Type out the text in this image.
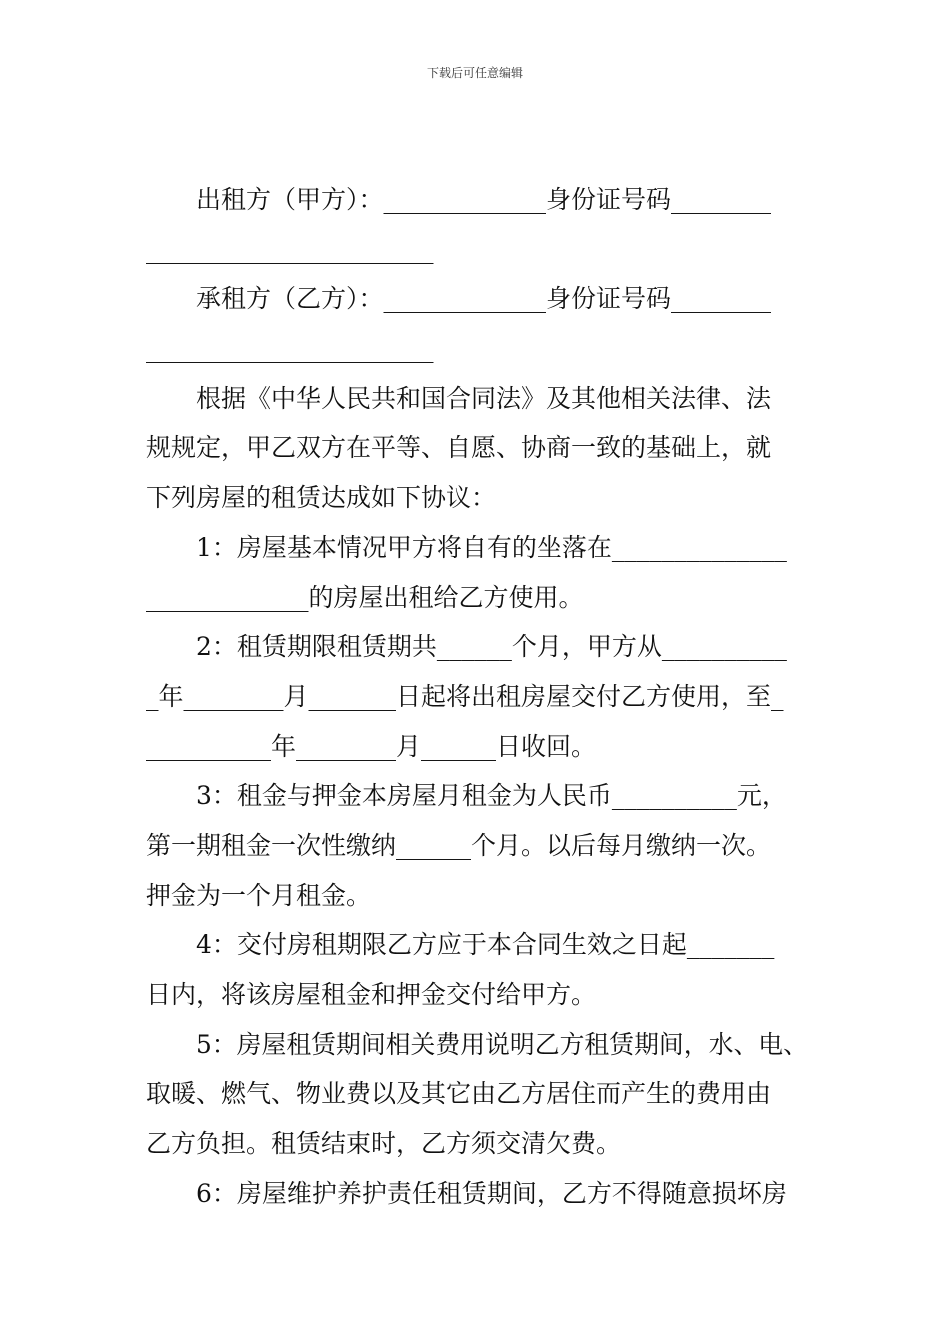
下载后可任意编辑
出租方（甲方）：_____________身份证号码________
_______________________
承租方（乙方）：_____________身份证号码________
_______________________
根据《中华人民共和国合同法》及其他相关法律、法
规规定，甲乙双方在平等、自愿、协商一致的基础上，就
下列房屋的租赁达成如下协议：
1：房屋基本情况甲方将自有的坐落在______________
_____________的房屋出租给乙方使用。
2：租赁期限租赁期共______个月，甲方从__________
_年________月_______日起将出租房屋交付乙方使用，至_
__________年________月______日收回。
3：租金与押金本房屋月租金为人民币__________元，
第一期租金一次性缴纳______个月。以后每月缴纳一次。
押金为一个月租金。
4：交付房租期限乙方应于本合同生效之日起_______
日内，将该房屋租金和押金交付给甲方。
5：房屋租赁期间相关费用说明乙方租赁期间，水、电、
取暖、燃气、物业费以及其它由乙方居住而产生的费用由
乙方负担。租赁结束时，乙方须交清欠费。
6：房屋维护养护责任租赁期间，乙方不得随意损坏房
